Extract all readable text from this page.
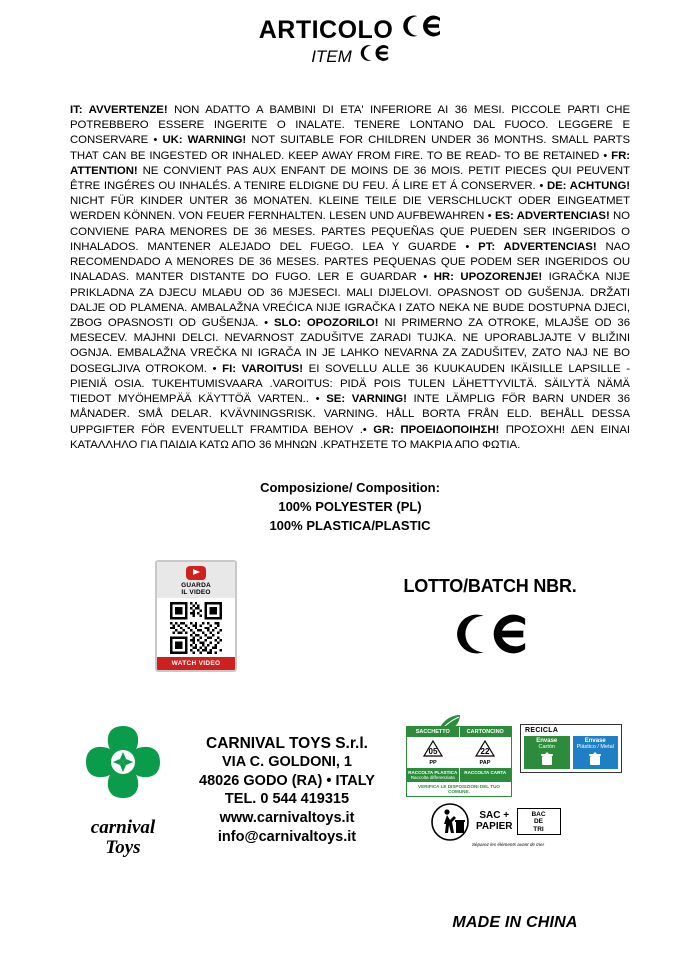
ARTICOLO
ITEM
IT: AVVERTENZE! NON ADATTO A BAMBINI DI ETA' INFERIORE AI 36 MESI. PICCOLE PARTI CHE POTREBBERO ESSERE INGERITE O INALATE. TENERE LONTANO DAL FUOCO. LEGGERE E CONSERVARE • UK: WARNING! NOT SUITABLE FOR CHILDREN UNDER 36 MONTHS. SMALL PARTS THAT CAN BE INGESTED OR INHALED. KEEP AWAY FROM FIRE. TO BE READ- TO BE RETAINED • FR: ATTENTION! NE CONVIENT PAS AUX ENFANT DE MOINS DE 36 MOIS. PETIT PIECES QUI PEUVENT ÊTRE INGÉRES OU INHALÉS. A TENIRE ELDIGNE DU FEU. Á LIRE ET Á CONSERVER. • DE: ACHTUNG! NICHT FÜR KINDER UNTER 36 MONATEN. KLEINE TEILE DIE VERSCHLUCKT ODER EINGEATMET WERDEN KÖNNEN. VON FEUER FERNHALTEN. LESEN UND AUFBEWAHREN • ES: ADVERTENCIAS! NO CONVIENE PARA MENORES DE 36 MESES. PARTES PEQUEÑAS QUE PUEDEN SER INGERIDOS O INHALADOS. MANTENER ALEJADO DEL FUEGO. LEA Y GUARDE • PT: ADVERTENCIAS! NAO RECOMENDADO A MENORES DE 36 MESES. PARTES PEQUENAS QUE PODEM SER INGERIDOS OU INALADAS. MANTER DISTANTE DO FUGO. LER E GUARDAR • HR: UPOZORENJE! IGRAČKA NIJE PRIKLADNA ZA DJECU MLAĐU OD 36 MJESECI. MALI DIJELOVI. OPASNOST OD GUŠENJA. DRŽATI DALJE OD PLAMENA. AMBALAŽNA VREĆICA NIJE IGRAČKA I ZATO NEKA NE BUDE DOSTUPNA DJECI, ZBOG OPASNOSTI OD GUŠENJA. • SLO: OPOZORILO! NI PRIMERNO ZA OTROKE, MLAJŠE OD 36 MESECEV. MAJHNI DELCI. NEVARNOST ZADUŠITVE ZARADI TUJKA. NE UPORABLJAJTE V BLIŽINI OGNJA. EMBALAŽNA VREČKA NI IGRAČA IN JE LAHKO NEVARNA ZA ZADUŠITEV, ZATO NAJ NE BO DOSEGLJIVA OTROKOM. • FI: VAROITUS! EI SOVELLU ALLE 36 KUUKAUDEN IKÄISILLE LAPSILLE - PIENIÄ OSIA. TUKEHTUMISVAARA .VAROITUS: PIDÄ POIS TULEN LÄHETTYVILTÄ. SÄILYTÄ NÄMÄ TIEDOT MYÖHEMPÄÄ KÄYTTÖÄ VARTEN.. • SE: VARNING! INTE LÄMPLIG FÖR BARN UNDER 36 MÅNADER. SMÅ DELAR. KVÄVNINGSRISK. VARNING. HÅLL BORTA FRÅN ELD. BEHÅLL DESSA UPPGIFTER FÖR EVENTUELLT FRAMTIDA BEHOV .• GR: ΠΡΟΕΙΔΟΠΟΙΗΣΗ! ΠΡΟΣΟΧΗ! ΔΕΝ ΕΙΝΑΙ ΚΑΤΑΛΛΗΛΟ ΓΙΑ ΠΑΙΔΙΑ ΚΑΤΩ ΑΠΟ 36 ΜΗΝΩΝ .ΚΡΑΤΗΣΕΤΕ ΤΟ ΜΑΚΡΙΑ ΑΠΟ ΦΩΤΙΑ.
Composizione/ Composition:
100% POLYESTER (PL)
100% PLASTICA/PLASTIC
GUARDA
IL VIDEO
WATCH VIDEO
LOTTO/BATCH NBR.
carnival
Toys
CARNIVAL TOYS S.r.l.
VIA C. GOLDONI, 1
48026 GODO (RA) • ITALY
TEL. 0 544 419315
www.carnivaltoys.it
info@carnivaltoys.it
SACCHETTO	CARTONCINO
05
PP
22
PAP
RACCOLTA PLASTICA
Raccolta differenziata
RACCOLTA CARTA
VERIFICA LE DISPOSIZIONI DEL TUO COMUNE.
RECICLA
Envase
Cartón
Envase
Plástico / Metal
SAC +
PAPIER
BAC
DE
TRI
Séparez les éléments avant de trier
MADE IN CHINA
